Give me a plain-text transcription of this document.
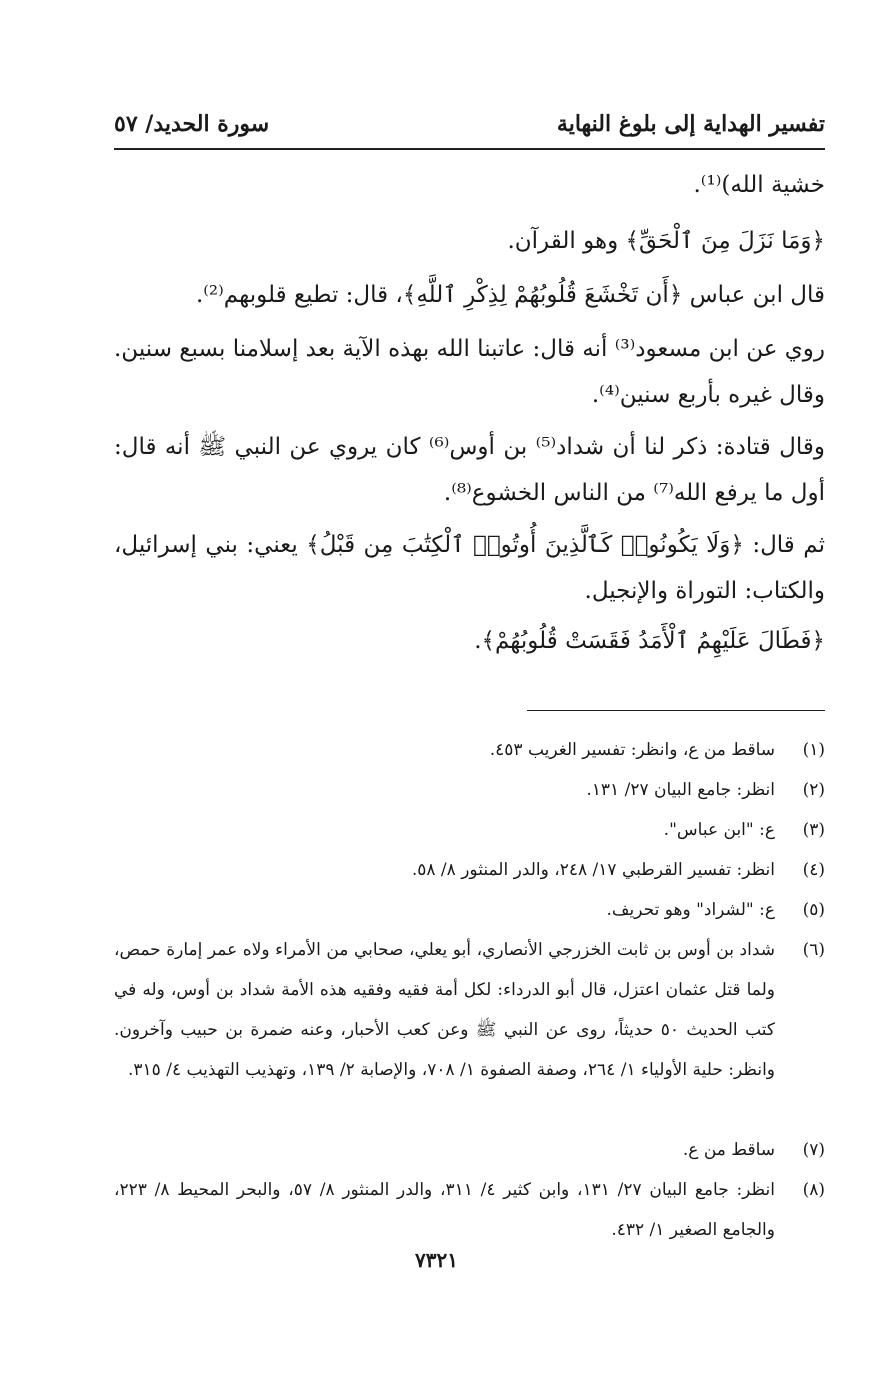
تفسير الهداية إلى بلوغ النهاية
سورة الحديد/ ٥٧
خشية الله)⁽¹⁾.
﴿وَمَا نَزَلَ مِنَ ٱلْحَقِّ﴾ وهو القرآن.
قال ابن عباس ﴿أَن تَخْشَعَ قُلُوبُهُمْ لِذِكْرِ ٱللَّهِ﴾، قال: تطيع قلوبهم⁽²⁾.
روي عن ابن مسعود⁽³⁾ أنه قال: عاتبنا الله بهذه الآية بعد إسلامنا بسبع سنين. وقال غيره بأربع سنين⁽⁴⁾.
وقال قتادة: ذكر لنا أن شداد⁽⁵⁾ بن أوس⁽⁶⁾ كان يروي عن النبي ﷺ أنه قال: أول ما يرفع الله⁽⁷⁾ من الناس الخشوع⁽⁸⁾.
ثم قال: ﴿وَلَا يَكُونُوا۟ كَٱلَّذِينَ أُوتُوا۟ ٱلْكِتَٰبَ مِن قَبْلُ﴾ يعني: بني إسرائيل، والكتاب: التوراة والإنجيل.
﴿فَطَالَ عَلَيْهِمُ ٱلْأَمَدُ فَقَسَتْ قُلُوبُهُمْ﴾.
(١)
ساقط من ع، وانظر: تفسير الغريب ٤٥٣.
(٢)
انظر: جامع البيان ٢٧/ ١٣١.
(٣)
ع: "ابن عباس".
(٤)
انظر: تفسير القرطبي ١٧/ ٢٤٨، والدر المنثور ٨/ ٥٨.
(٥)
ع: "لشراد" وهو تحريف.
(٦)
شداد بن أوس بن ثابت الخزرجي الأنصاري، أبو يعلي، صحابي من الأمراء ولاه عمر إمارة حمص، ولما قتل عثمان اعتزل، قال أبو الدرداء: لكل أمة فقيه وفقيه هذه الأمة شداد بن أوس، وله في كتب الحديث ٥٠ حديثاً، روى عن النبي ﷺ وعن كعب الأحبار، وعنه ضمرة بن حبيب وآخرون. وانظر: حلية الأولياء ١/ ٢٦٤، وصفة الصفوة ١/ ٧٠٨، والإصابة ٢/ ١٣٩، وتهذيب التهذيب ٤/ ٣١٥.
(٧)
ساقط من ع.
(٨)
انظر: جامع البيان ٢٧/ ١٣١، وابن كثير ٤/ ٣١١، والدر المنثور ٨/ ٥٧، والبحر المحيط ٨/ ٢٢٣، والجامع الصغير ١/ ٤٣٢.
٧٣٢١
